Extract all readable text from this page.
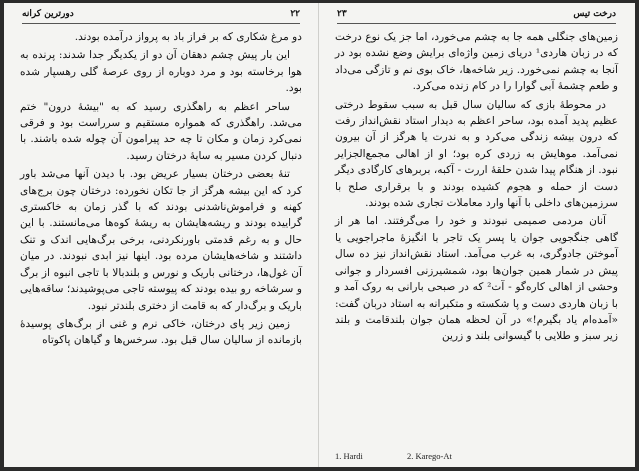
دورترین کرانه	۲۲

دو مرغ شکاری که بر فراز باد به پرواز درآمده بودند.

این بار پیش چشم دهقان آن دو از یکدیگر جدا شدند: پرنده به هوا برخاسته بود و مرد دوباره از روی عرصهٔ گلی رهسپار شده بود.

ساحر اعظم به راهگذری رسید که به "بیشهٔ درون" ختم می‌شد. راهگذری که همواره مستقیم و سرراست بود و فرقی نمی‌کرد زمان و مکان تا چه حد پیرامون آن چوله شده باشند. با دنبال کردن مسیر به سایهٔ درختان رسید.

تنهٔ بعضی درختان بسیار عریض بود. با دیدن آنها می‌شد باور کرد که این بیشه هرگز از جا تکان نخورده: درختان چون برج‌های کهنه و فراموش‌ناشدنی بودند که با گذر زمان به خاکستری گراییده بودند و ریشه‌هایشان به ریشهٔ کوه‌ها می‌مانستند. با این حال و به رغم قدمتی باورنکردنی، برخی برگ‌هایی اندک و تنک داشتند و شاخه‌هایشان مرده بود. اینها نیز ابدی نبودند. در میان آن غول‌ها، درختانی باریک و نورس و بلندبالا با تاجی انبوه از برگ و سرشاخه رو بیده بودند که پیوسته تاجی می‌پوشیدند؛ ساقه‌هایی باریک و برگ‌دار که به قامت از دختری بلندتر نبود.

زمین زیر پای درختان، خاکی نرم و غنی از برگ‌های پوسیدهٔ بازمانده از سالیان سال قبل بود. سرخس‌ها و گیاهان پاکوتاه

درخت تیس
۲۳

زمین‌های جنگلی همه جا به چشم می‌خورد، اما جز یک نوع درخت که در زبان هاردی¹ دریای زمین واژه‌ای برایش وضع نشده بود در آنجا به چشم نمی‌خورد. زیر شاخه‌ها، خاک بوی نم و تازگی می‌داد و طعم چشمهٔ آبی گوارا را در کام زنده می‌کرد.

در محوطهٔ بازی که سالیان سال قبل به سبب سقوط درختی عظیم پدید آمده بود، ساحر اعظم به دیدار استاد نقش‌انداز رفت که درون بیشه زندگی می‌کرد و به ندرت یا هرگز از آن بیرون نمی‌آمد. موهایش به زردی کره بود؛ او از اهالی مجمع‌الجزایر نبود. از هنگام پیدا شدن حلقهٔ اررت - آکبه، بربرهای کارگادی دیگر دست از حمله و هجوم کشیده بودند و با برقراری صلح با سرزمین‌های داخلی با آنها وارد معاملات تجاری شده بودند.

آنان مردمی صمیمی نبودند و خود را می‌گرفتند. اما هر از گاهی جنگجویی جوان یا پسر یک تاجر با انگیزهٔ ماجراجویی یا آموختن جادوگری، به غرب می‌آمد. استاد نقش‌انداز نیز ده سال پیش در شمار همین جوان‌ها بود، شمشیرزنی افسردار و جوانی وحشی از اهالی کاره‌گو - آت² که در صبحی بارانی به روک آمد و با زبان هاردی دست و پا شکسته و متکبرانه به استاد دربان گفت: «آمده‌ام یاد بگیرم!» در آن لحظه همان جوان بلندقامت و بلند زیر سبز و طلایی با گیسوانی بلند و زرین

1. Hardi	2. Karego-At
